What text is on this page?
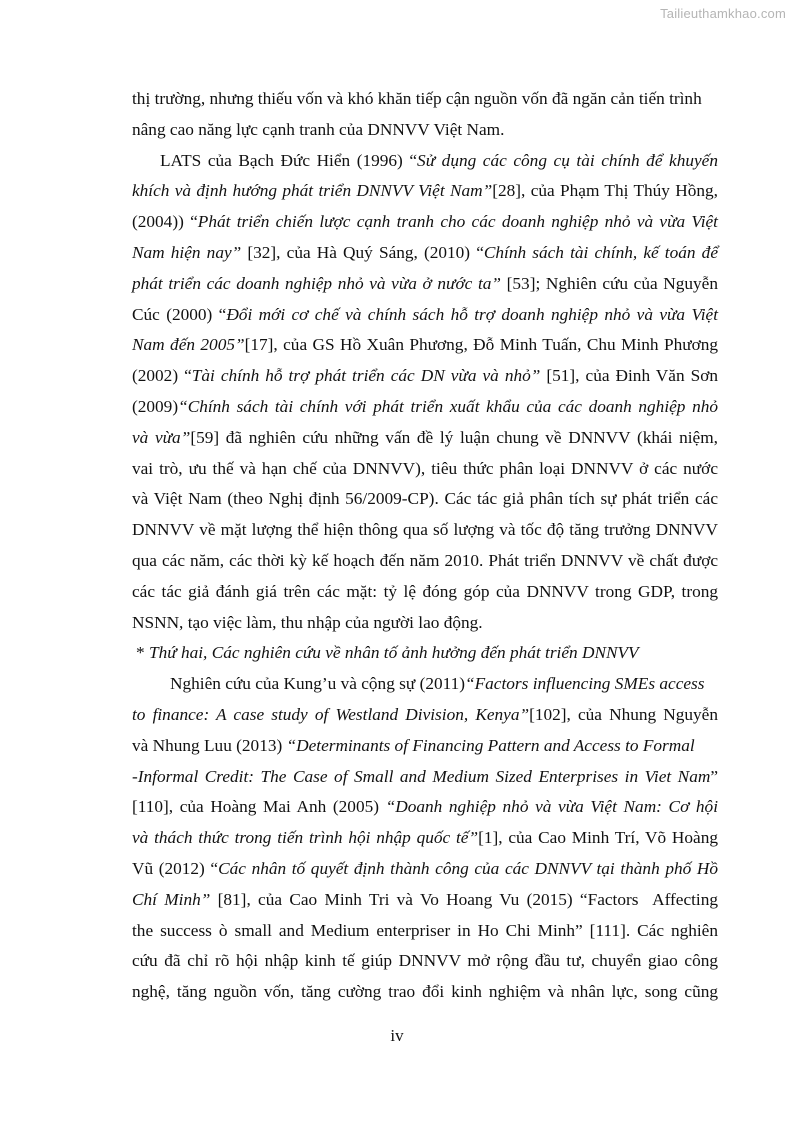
Tailieuthamkhao.com
thị trường, nhưng thiếu vốn và khó khăn tiếp cận nguồn vốn đã ngăn cản tiến trình
nâng cao năng lực cạnh tranh của DNNVV Việt Nam.
LATS của Bạch Đức Hiển (1996) “Sử dụng các công cụ tài chính để khuyến
khích và định hướng phát triển DNNVV Việt Nam”[28], của Phạm Thị Thúy Hồng,
(2004)) “Phát triển chiến lược cạnh tranh cho các doanh nghiệp nhỏ và vừa Việt
Nam hiện nay” [32], của Hà Quý Sáng, (2010) “Chính sách tài chính, kế toán để
phát triển các doanh nghiệp nhỏ và vừa ở nước ta” [53]; Nghiên cứu của Nguyễn
Cúc (2000) “Đổi mới cơ chế và chính sách hỗ trợ doanh nghiệp nhỏ và vừa Việt
Nam đến 2005”[17], của GS Hồ Xuân Phương, Đỗ Minh Tuấn, Chu Minh Phương
(2002) “Tài chính hỗ trợ phát triển các DN vừa và nhỏ” [51], của Đinh Văn Sơn
(2009)“Chính sách tài chính với phát triển xuất khẩu của các doanh nghiệp nhỏ
và vừa”[59] đã nghiên cứu những vấn đề lý luận chung về DNNVV (khái niệm,
vai trò, ưu thế và hạn chế của DNNVV), tiêu thức phân loại DNNVV ở các nước
và Việt Nam (theo Nghị định 56/2009-CP). Các tác giả phân tích sự phát triển các
DNNVV về mặt lượng thể hiện thông qua số lượng và tốc độ tăng trưởng DNNVV
qua các năm, các thời kỳ kế hoạch đến năm 2010. Phát triển DNNVV về chất được
các tác giả đánh giá trên các mặt: tỷ lệ đóng góp của DNNVV trong GDP, trong
NSNN, tạo việc làm, thu nhập của người lao động.
* Thứ hai, Các nghiên cứu về nhân tố ảnh hưởng đến phát triển DNNVV
Nghiên cứu của Kung’u và cộng sự (2011)“Factors influencing SMEs access
to finance: A case study of Westland Division, Kenya”[102], của Nhung Nguyễn
và Nhung Luu (2013) “Determinants of Financing Pattern and Access to Formal
-Informal Credit: The Case of Small and Medium Sized Enterprises in Viet Nam”
[110], của Hoàng Mai Anh (2005) “Doanh nghiệp nhỏ và vừa Việt Nam: Cơ hội
và thách thức trong tiến trình hội nhập quốc tế”[1], của Cao Minh Trí, Võ Hoàng
Vũ (2012) “Các nhân tố quyết định thành công của các DNNVV tại thành phố Hồ
Chí Minh” [81], của Cao Minh Tri và Vo Hoang Vu (2015) “Factors  Affecting
the success ò small and Medium enterpriser in Ho Chi Minh” [111]. Các nghiên
cứu đã chỉ rõ hội nhập kinh tế giúp DNNVV mở rộng đầu tư, chuyển giao công
nghệ, tăng nguồn vốn, tăng cường trao đổi kinh nghiệm và nhân lực, song cũng
iv
